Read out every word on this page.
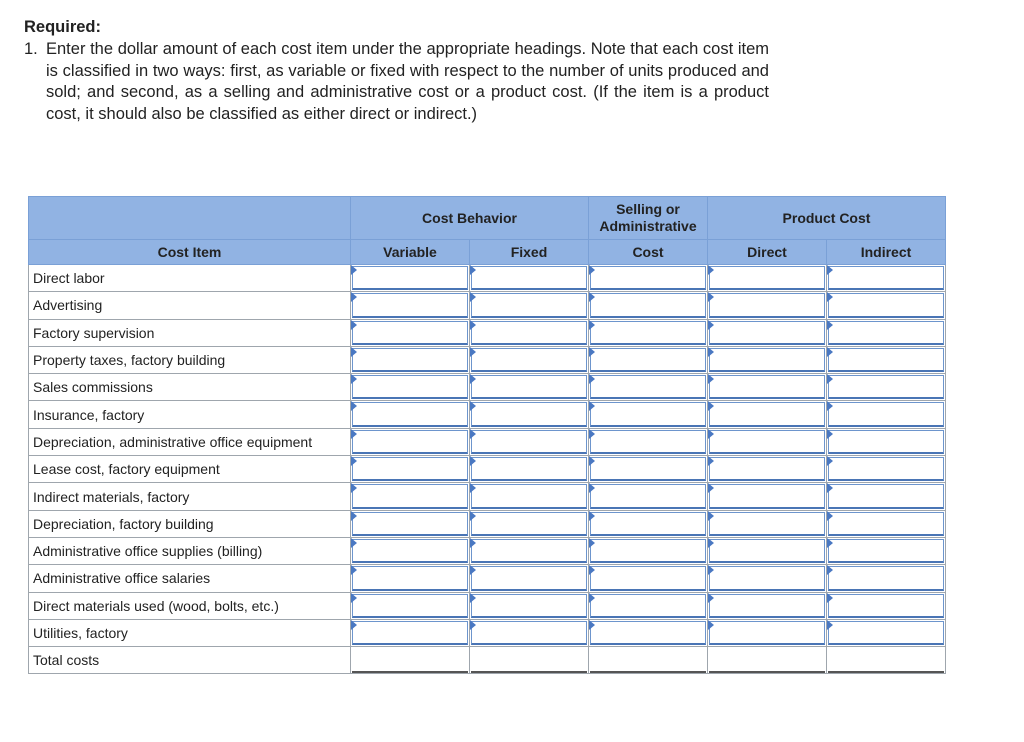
Required:
1. Enter the dollar amount of each cost item under the appropriate headings. Note that each cost item is classified in two ways: first, as variable or fixed with respect to the number of units produced and sold; and second, as a selling and administrative cost or a product cost. (If the item is a product cost, it should also be classified as either direct or indirect.)
	Cost Behavior		Selling or
Administrative	Product Cost	
Cost Item	Variable	Fixed	Cost	Direct	Indirect
Direct labor	

Advertising	

Factory supervision	

Property taxes, factory building	

Sales commissions	

Insurance, factory	

Depreciation, administrative office equipment	

Lease cost, factory equipment	

Indirect materials, factory	

Depreciation, factory building	

Administrative office supplies (billing)	

Administrative office salaries	

Direct materials used (wood, bolts, etc.)	

Utilities, factory	

Total costs	
